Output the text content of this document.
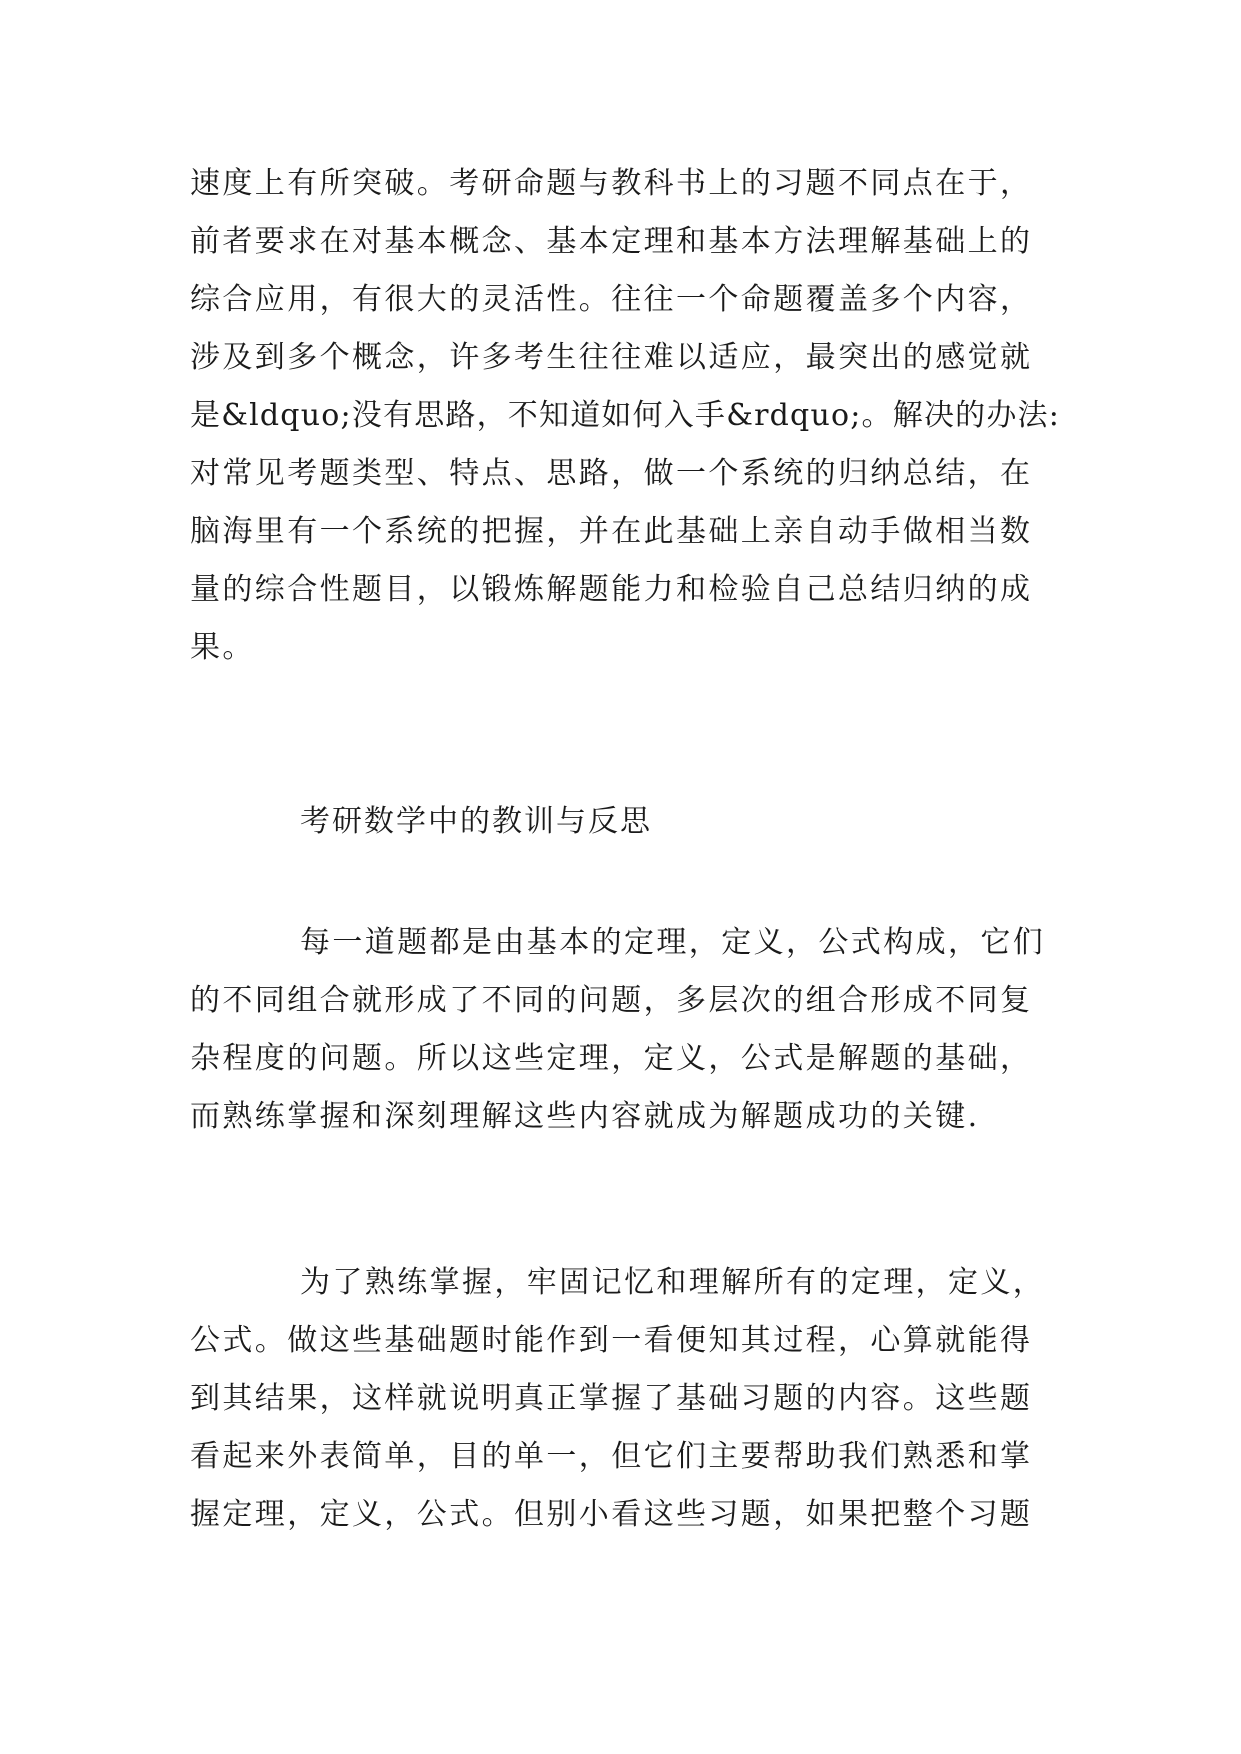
速度上有所突破。考研命题与教科书上的习题不同点在于，
前者要求在对基本概念、基本定理和基本方法理解基础上的
综合应用，有很大的灵活性。往往一个命题覆盖多个内容，
涉及到多个概念，许多考生往往难以适应，最突出的感觉就
是&ldquo;没有思路，不知道如何入手&rdquo;。解决的办法:
对常见考题类型、特点、思路，做一个系统的归纳总结，在
脑海里有一个系统的把握，并在此基础上亲自动手做相当数
量的综合性题目，以锻炼解题能力和检验自己总结归纳的成
果。
考研数学中的教训与反思
每一道题都是由基本的定理，定义，公式构成，它们
的不同组合就形成了不同的问题，多层次的组合形成不同复
杂程度的问题。所以这些定理，定义，公式是解题的基础，
而熟练掌握和深刻理解这些内容就成为解题成功的关键.
为了熟练掌握，牢固记忆和理解所有的定理，定义，
公式。做这些基础题时能作到一看便知其过程，心算就能得
到其结果，这样就说明真正掌握了基础习题的内容。这些题
看起来外表简单，目的单一，但它们主要帮助我们熟悉和掌
握定理，定义，公式。但别小看这些习题，如果把整个习题
